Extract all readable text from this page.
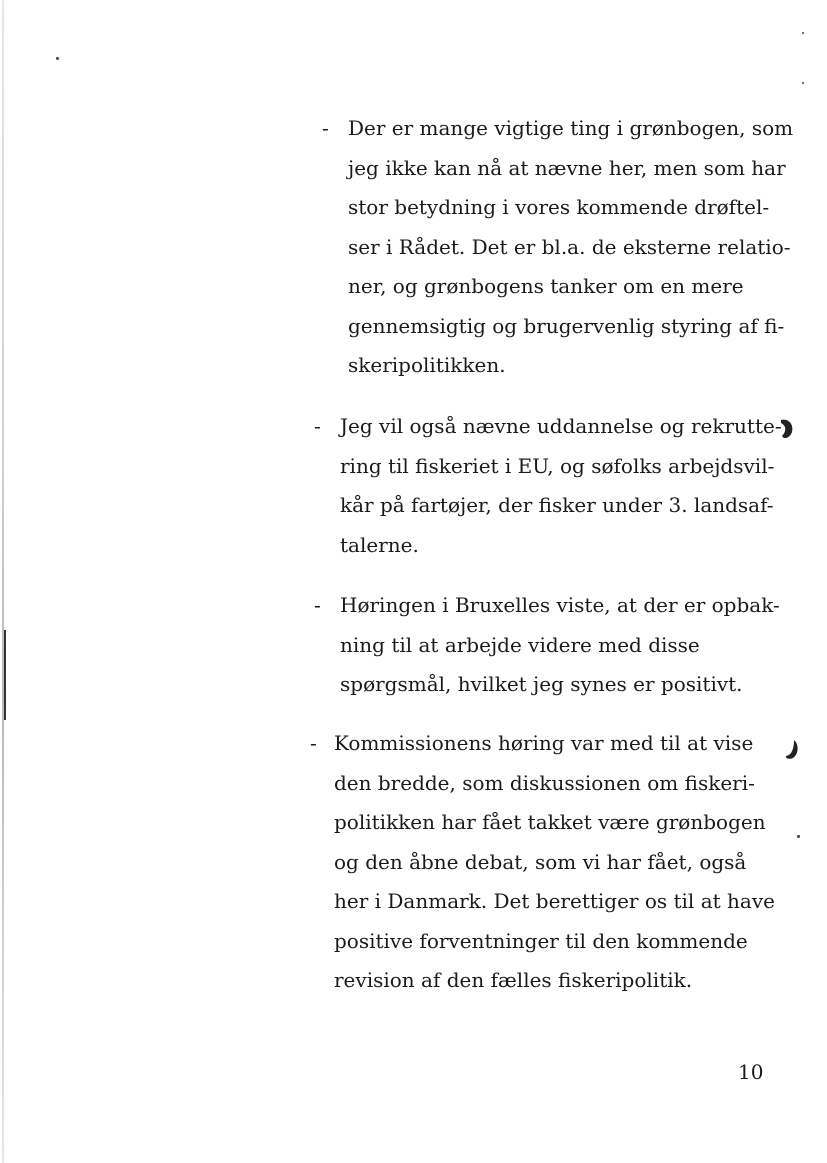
- Der er mange vigtige ting i grønbogen, som
jeg ikke kan nå at nævne her, men som har
stor betydning i vores kommende drøftel-
ser i Rådet. Det er bl.a. de eksterne relatio-
ner, og grønbogens tanker om en mere
gennemsigtig og brugervenlig styring af fi-
skeripolitikken.
- Jeg vil også nævne uddannelse og rekrutte-
ring til fiskeriet i EU, og søfolks arbejdsvil-
kår på fartøjer, der fisker under 3. landsaf-
talerne.
- Høringen i Bruxelles viste, at der er opbak-
ning til at arbejde videre med disse
spørgsmål, hvilket jeg synes er positivt.
- Kommissionens høring var med til at vise
den bredde, som diskussionen om fiskeri-
politikken har fået takket være grønbogen
og den åbne debat, som vi har fået, også
her i Danmark. Det berettiger os til at have
positive forventninger til den kommende
revision af den fælles fiskeripolitik.
10
